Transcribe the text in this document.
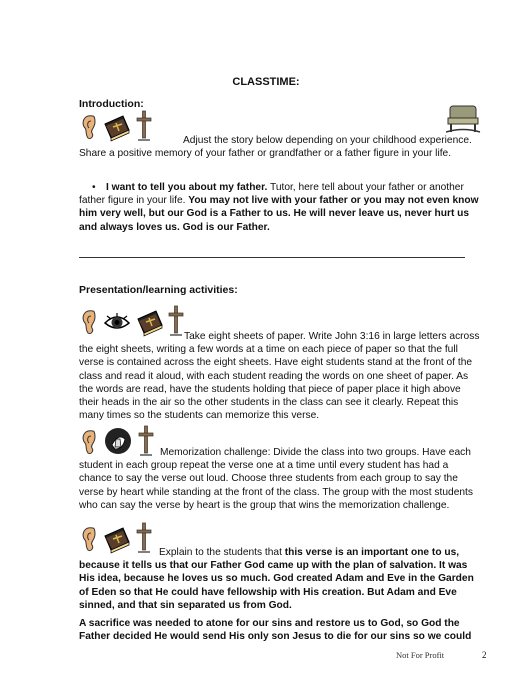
CLASSTIME:
Introduction:

Adjust the story below depending on your childhood experience. Share a positive memory of your father or grandfather or a father figure in your life.
• I want to tell you about my father. Tutor, here tell about your father or another father figure in your life. You may not live with your father or you may not even know him very well, but our God is a Father to us. He will never leave us, never hurt us and always loves us. God is our Father.
Presentation/learning activities:

Take eight sheets of paper. Write John 3:16 in large letters across the eight sheets, writing a few words at a time on each piece of paper so that the full verse is contained across the eight sheets. Have eight students stand at the front of the class and read it aloud, with each student reading the words on one sheet of paper. As the words are read, have the students holding that piece of paper place it high above their heads in the air so the other students in the class can see it clearly. Repeat this many times so the students can memorize this verse.

Memorization challenge: Divide the class into two groups. Have each student in each group repeat the verse one at a time until every student has had a chance to say the verse out loud. Choose three students from each group to say the verse by heart while standing at the front of the class. The group with the most students who can say the verse by heart is the group that wins the memorization challenge.

Explain to the students that this verse is an important one to us, because it tells us that our Father God came up with the plan of salvation. It was His idea, because he loves us so much. God created Adam and Eve in the Garden of Eden so that He could have fellowship with His creation. But Adam and Eve sinned, and that sin separated us from God.
A sacrifice was needed to atone for our sins and restore us to God, so God the Father decided He would send His only son Jesus to die for our sins so we could
Not For Profit	2
